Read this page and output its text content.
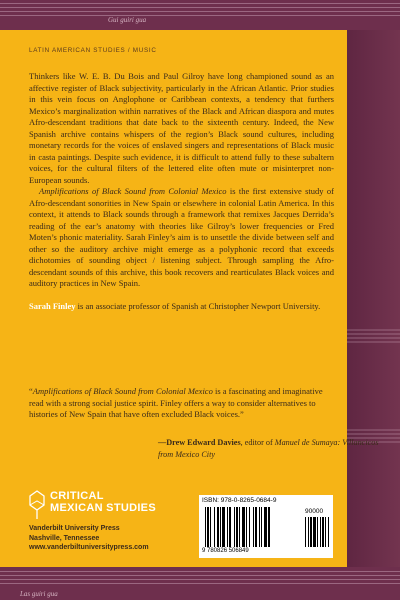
Gui guiri gua
Las guiri gua
LATIN AMERICAN STUDIES / MUSIC

Thinkers like W. E. B. Du Bois and Paul Gilroy have long championed sound as an affective register of Black subjectivity, particularly in the African Atlantic. Prior studies in this vein focus on Anglophone or Caribbean contexts, a tendency that furthers Mexico’s marginalization within narratives of the Black and African diaspora and mutes Afro-descendant traditions that date back to the sixteenth century. Indeed, the New Spanish archive contains whispers of the region’s Black sound cultures, including monetary records for the voices of enslaved singers and representations of Black music in casta paintings. Despite such evidence, it is difficult to attend fully to these subaltern voices, for the cultural filters of the lettered elite often mute or misinterpret non-European sounds.

Amplifications of Black Sound from Colonial Mexico is the first extensive study of Afro-descendant sonorities in New Spain or elsewhere in colonial Latin America. In this context, it attends to Black sounds through a framework that remixes Jacques Derrida’s reading of the ear’s anatomy with theories like Gilroy’s lower frequencies or Fred Moten’s phonic materiality. Sarah Finley’s aim is to unsettle the divide between self and other so the auditory archive might emerge as a polyphonic record that exceeds dichotomies of sounding object / listening subject. Through sampling the Afro-descendant sounds of this archive, this book recovers and rearticulates Black voices and auditory practices in New Spain.

Sarah Finley is an associate professor of Spanish at Christopher Newport University.

“Amplifications of Black Sound from Colonial Mexico is a fascinating and imaginative read with a strong social justice spirit. Finley offers a way to consider alternatives to histories of New Spain that have often excluded Black voices.”
—Drew Edward Davies, editor of Manuel de Sumaya: Villancicos from Mexico City
CRITICAL
MEXICAN STUDIES
Vanderbilt University Press
Nashville, Tennessee
www.vanderbiltuniversitypress.com
ISBN: 978-0-8265-0684-9
90000
9 780826 506849
